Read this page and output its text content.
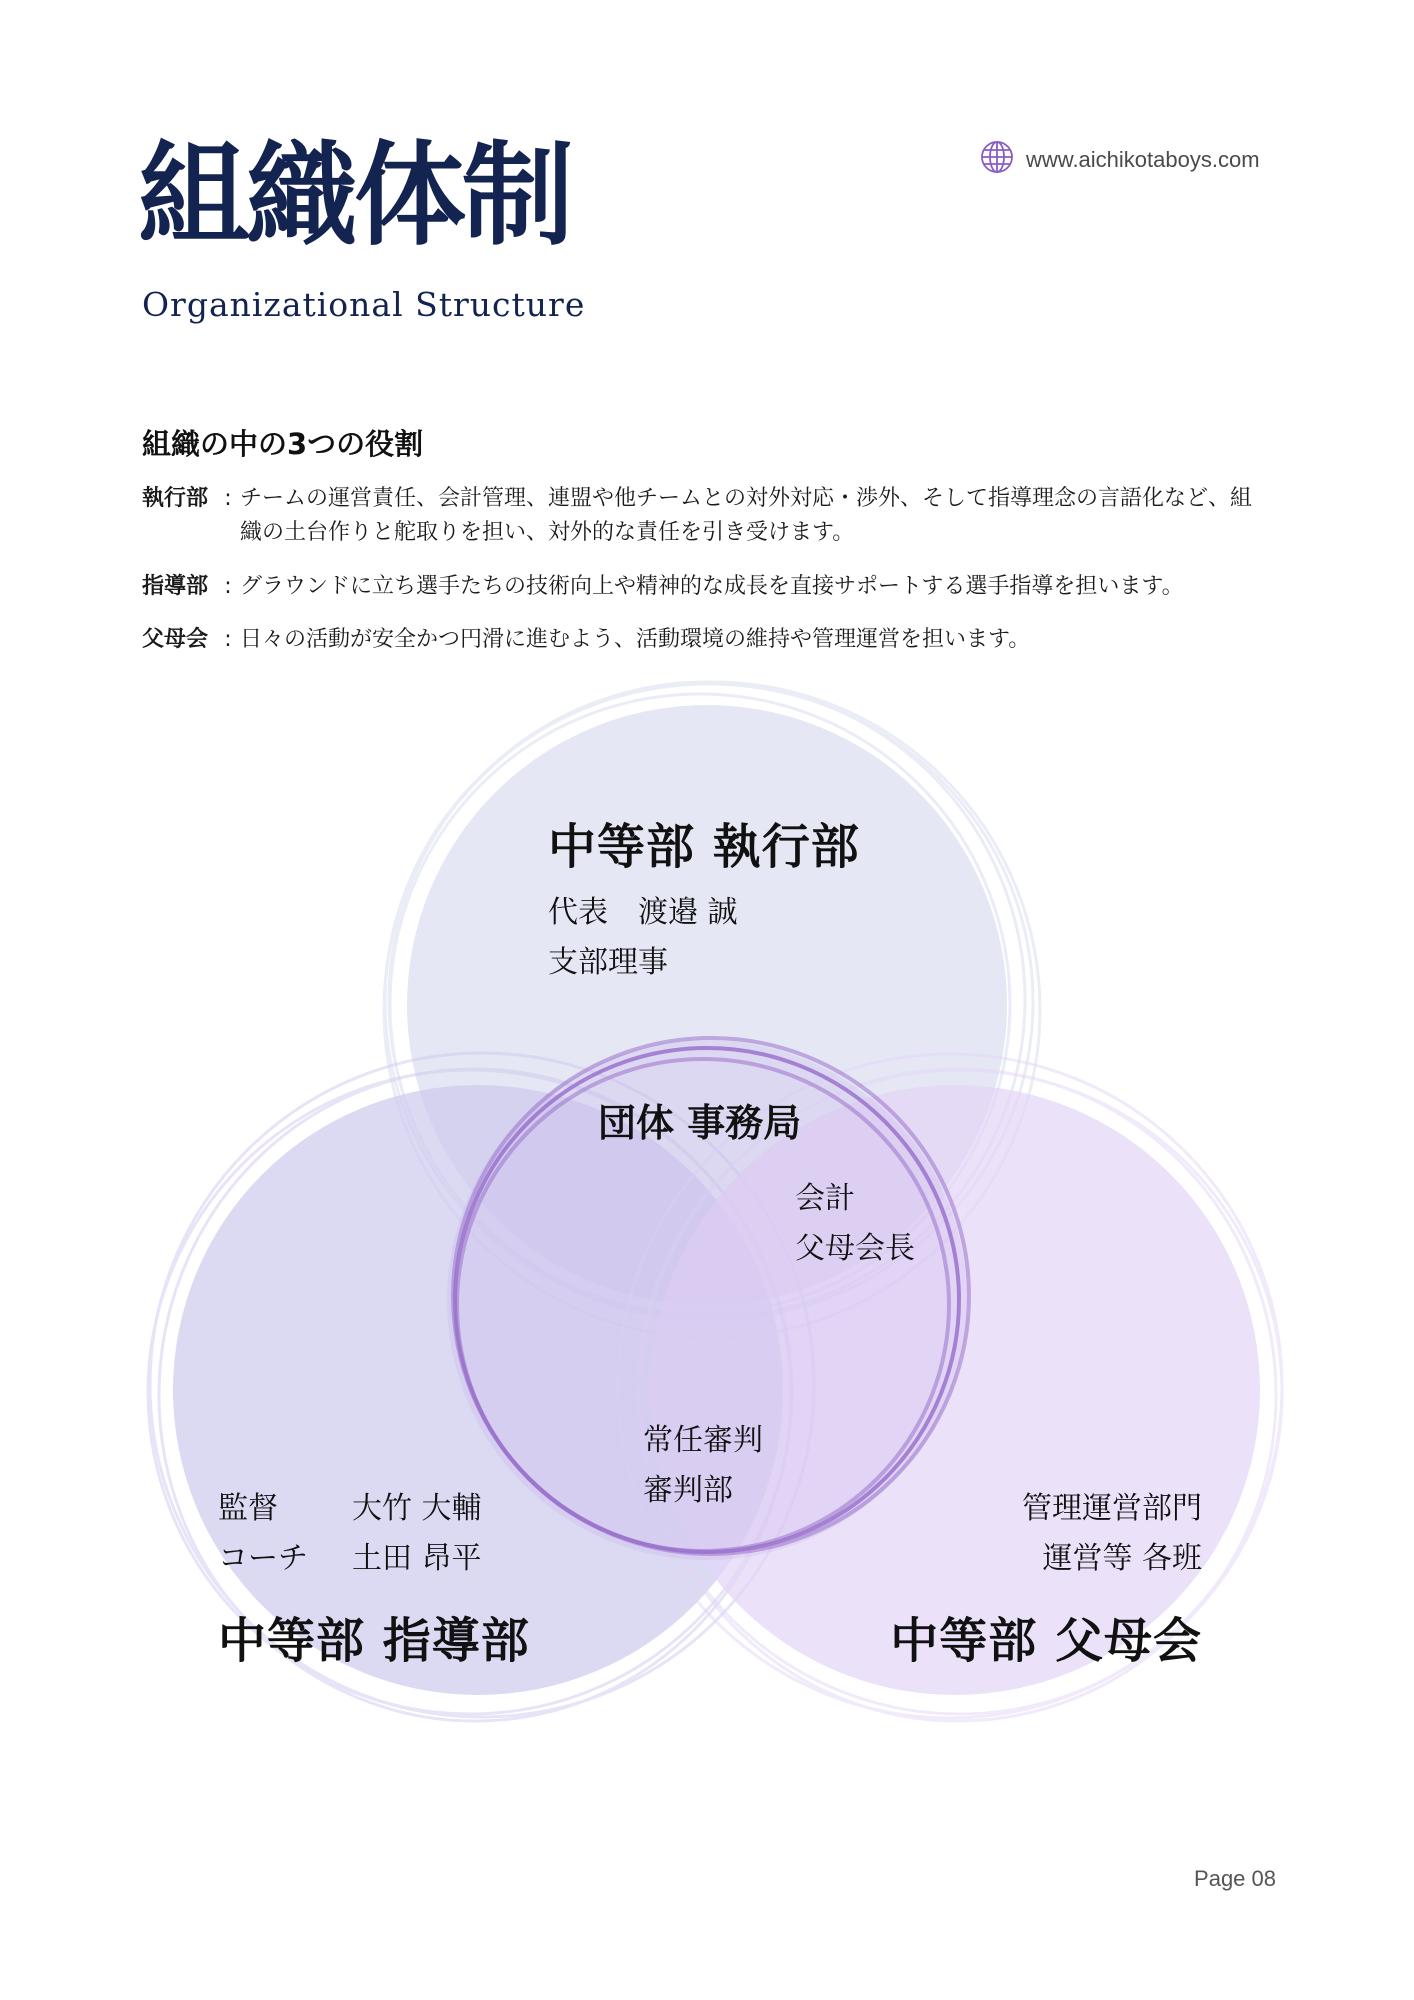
組織体制
Organizational Structure
www.aichikotaboys.com
組織の中の3つの役割
執行部 : チームの運営責任、会計管理、連盟や他チームとの対外対応・渉外、そして指導理念の言語化など、組織の土台作りと舵取りを担い、対外的な責任を引き受けます。
指導部 : グラウンドに立ち選手たちの技術向上や精神的な成長を直接サポートする選手指導を担います。
父母会 : 日々の活動が安全かつ円滑に進むよう、活動環境の維持や管理運営を担います。
中等部 執行部
代表　渡邉 誠
支部理事
団体 事務局
会計
父母会長
常任審判
審判部
監督	大竹 大輔
コーチ	土田 昂平
中等部 指導部
管理運営部門
運営等 各班
中等部 父母会
Page 08
